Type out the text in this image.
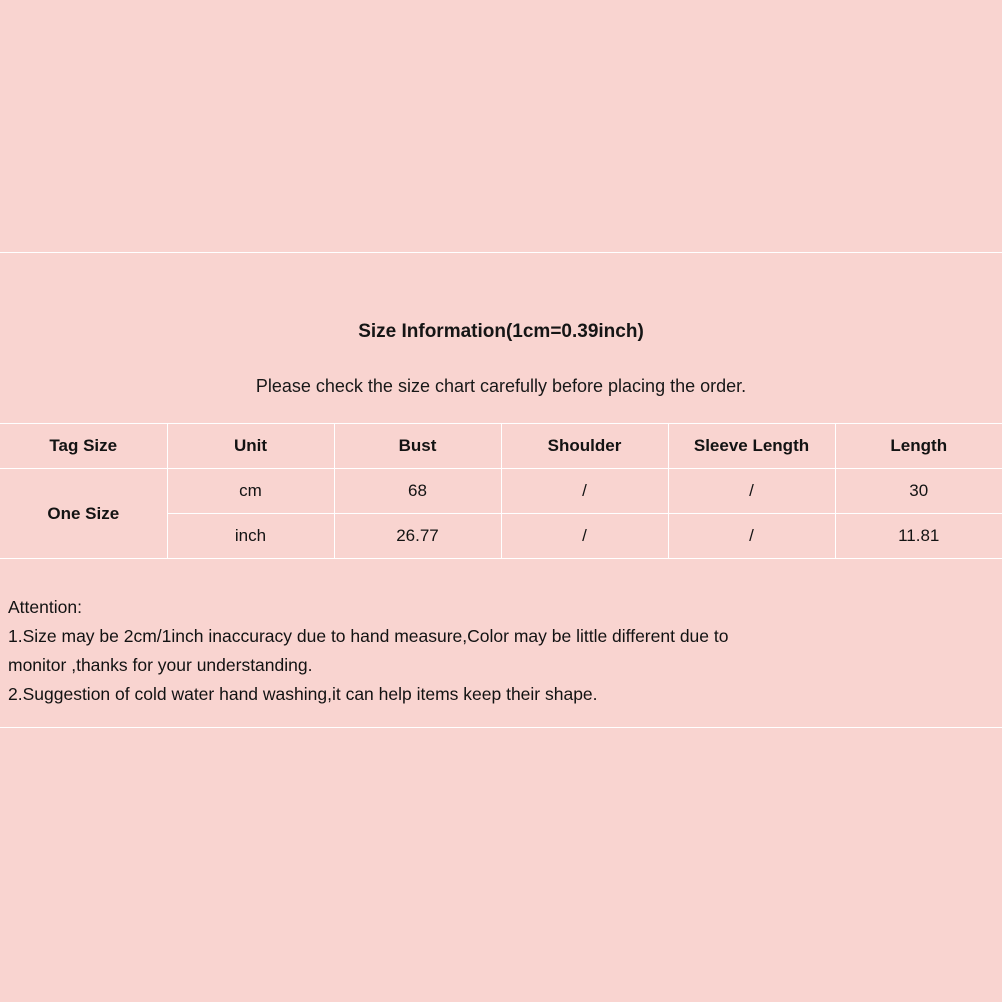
Size Information(1cm=0.39inch)
Please check the size chart carefully before placing the order.
Tag Size	Unit	Bust	Shoulder	Sleeve Length	Length
One Size	cm	68	/	/	30
	inch	26.77	/	/	11.81
Attention:
1.Size may be 2cm/1inch inaccuracy due to hand measure,Color may be little different due to
monitor ,thanks for your understanding.
2.Suggestion of cold water hand washing,it can help items keep their shape.
